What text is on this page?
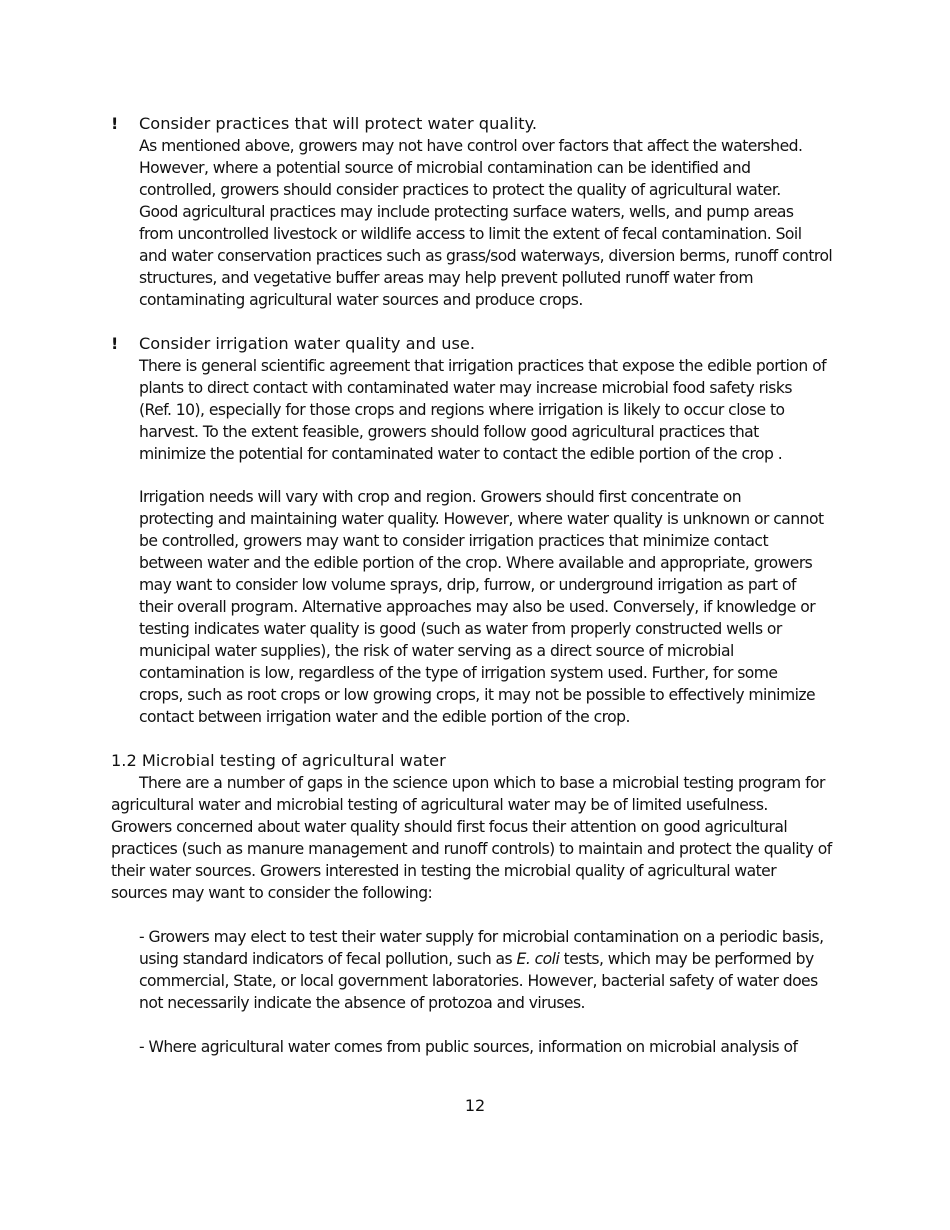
! Consider practices that will protect water quality.
As mentioned above, growers may not have control over factors that affect the watershed.
However, where a potential source of microbial contamination can be identified and
controlled, growers should consider practices to protect the quality of agricultural water.
Good agricultural practices may include protecting surface waters, wells, and pump areas
from uncontrolled livestock or wildlife access to limit the extent of fecal contamination. Soil
and water conservation practices such as grass/sod waterways, diversion berms, runoff control
structures, and vegetative buffer areas may help prevent polluted runoff water from
contaminating agricultural water sources and produce crops.
! Consider irrigation water quality and use.
There is general scientific agreement that irrigation practices that expose the edible portion of
plants to direct contact with contaminated water may increase microbial food safety risks
(Ref. 10), especially for those crops and regions where irrigation is likely to occur close to
harvest. To the extent feasible, growers should follow good agricultural practices that
minimize the potential for contaminated water to contact the edible portion of the crop .
Irrigation needs will vary with crop and region. Growers should first concentrate on
protecting and maintaining water quality. However, where water quality is unknown or cannot
be controlled, growers may want to consider irrigation practices that minimize contact
between water and the edible portion of the crop. Where available and appropriate, growers
may want to consider low volume sprays, drip, furrow, or underground irrigation as part of
their overall program. Alternative approaches may also be used. Conversely, if knowledge or
testing indicates water quality is good (such as water from properly constructed wells or
municipal water supplies), the risk of water serving as a direct source of microbial
contamination is low, regardless of the type of irrigation system used. Further, for some
crops, such as root crops or low growing crops, it may not be possible to effectively minimize
contact between irrigation water and the edible portion of the crop.
1.2 Microbial testing of agricultural water
There are a number of gaps in the science upon which to base a microbial testing program for
agricultural water and microbial testing of agricultural water may be of limited usefulness.
Growers concerned about water quality should first focus their attention on good agricultural
practices (such as manure management and runoff controls) to maintain and protect the quality of
their water sources. Growers interested in testing the microbial quality of agricultural water
sources may want to consider the following:
- Growers may elect to test their water supply for microbial contamination on a periodic basis,
using standard indicators of fecal pollution, such as E. coli tests, which may be performed by
commercial, State, or local government laboratories. However, bacterial safety of water does
not necessarily indicate the absence of protozoa and viruses.
- Where agricultural water comes from public sources, information on microbial analysis of
12
